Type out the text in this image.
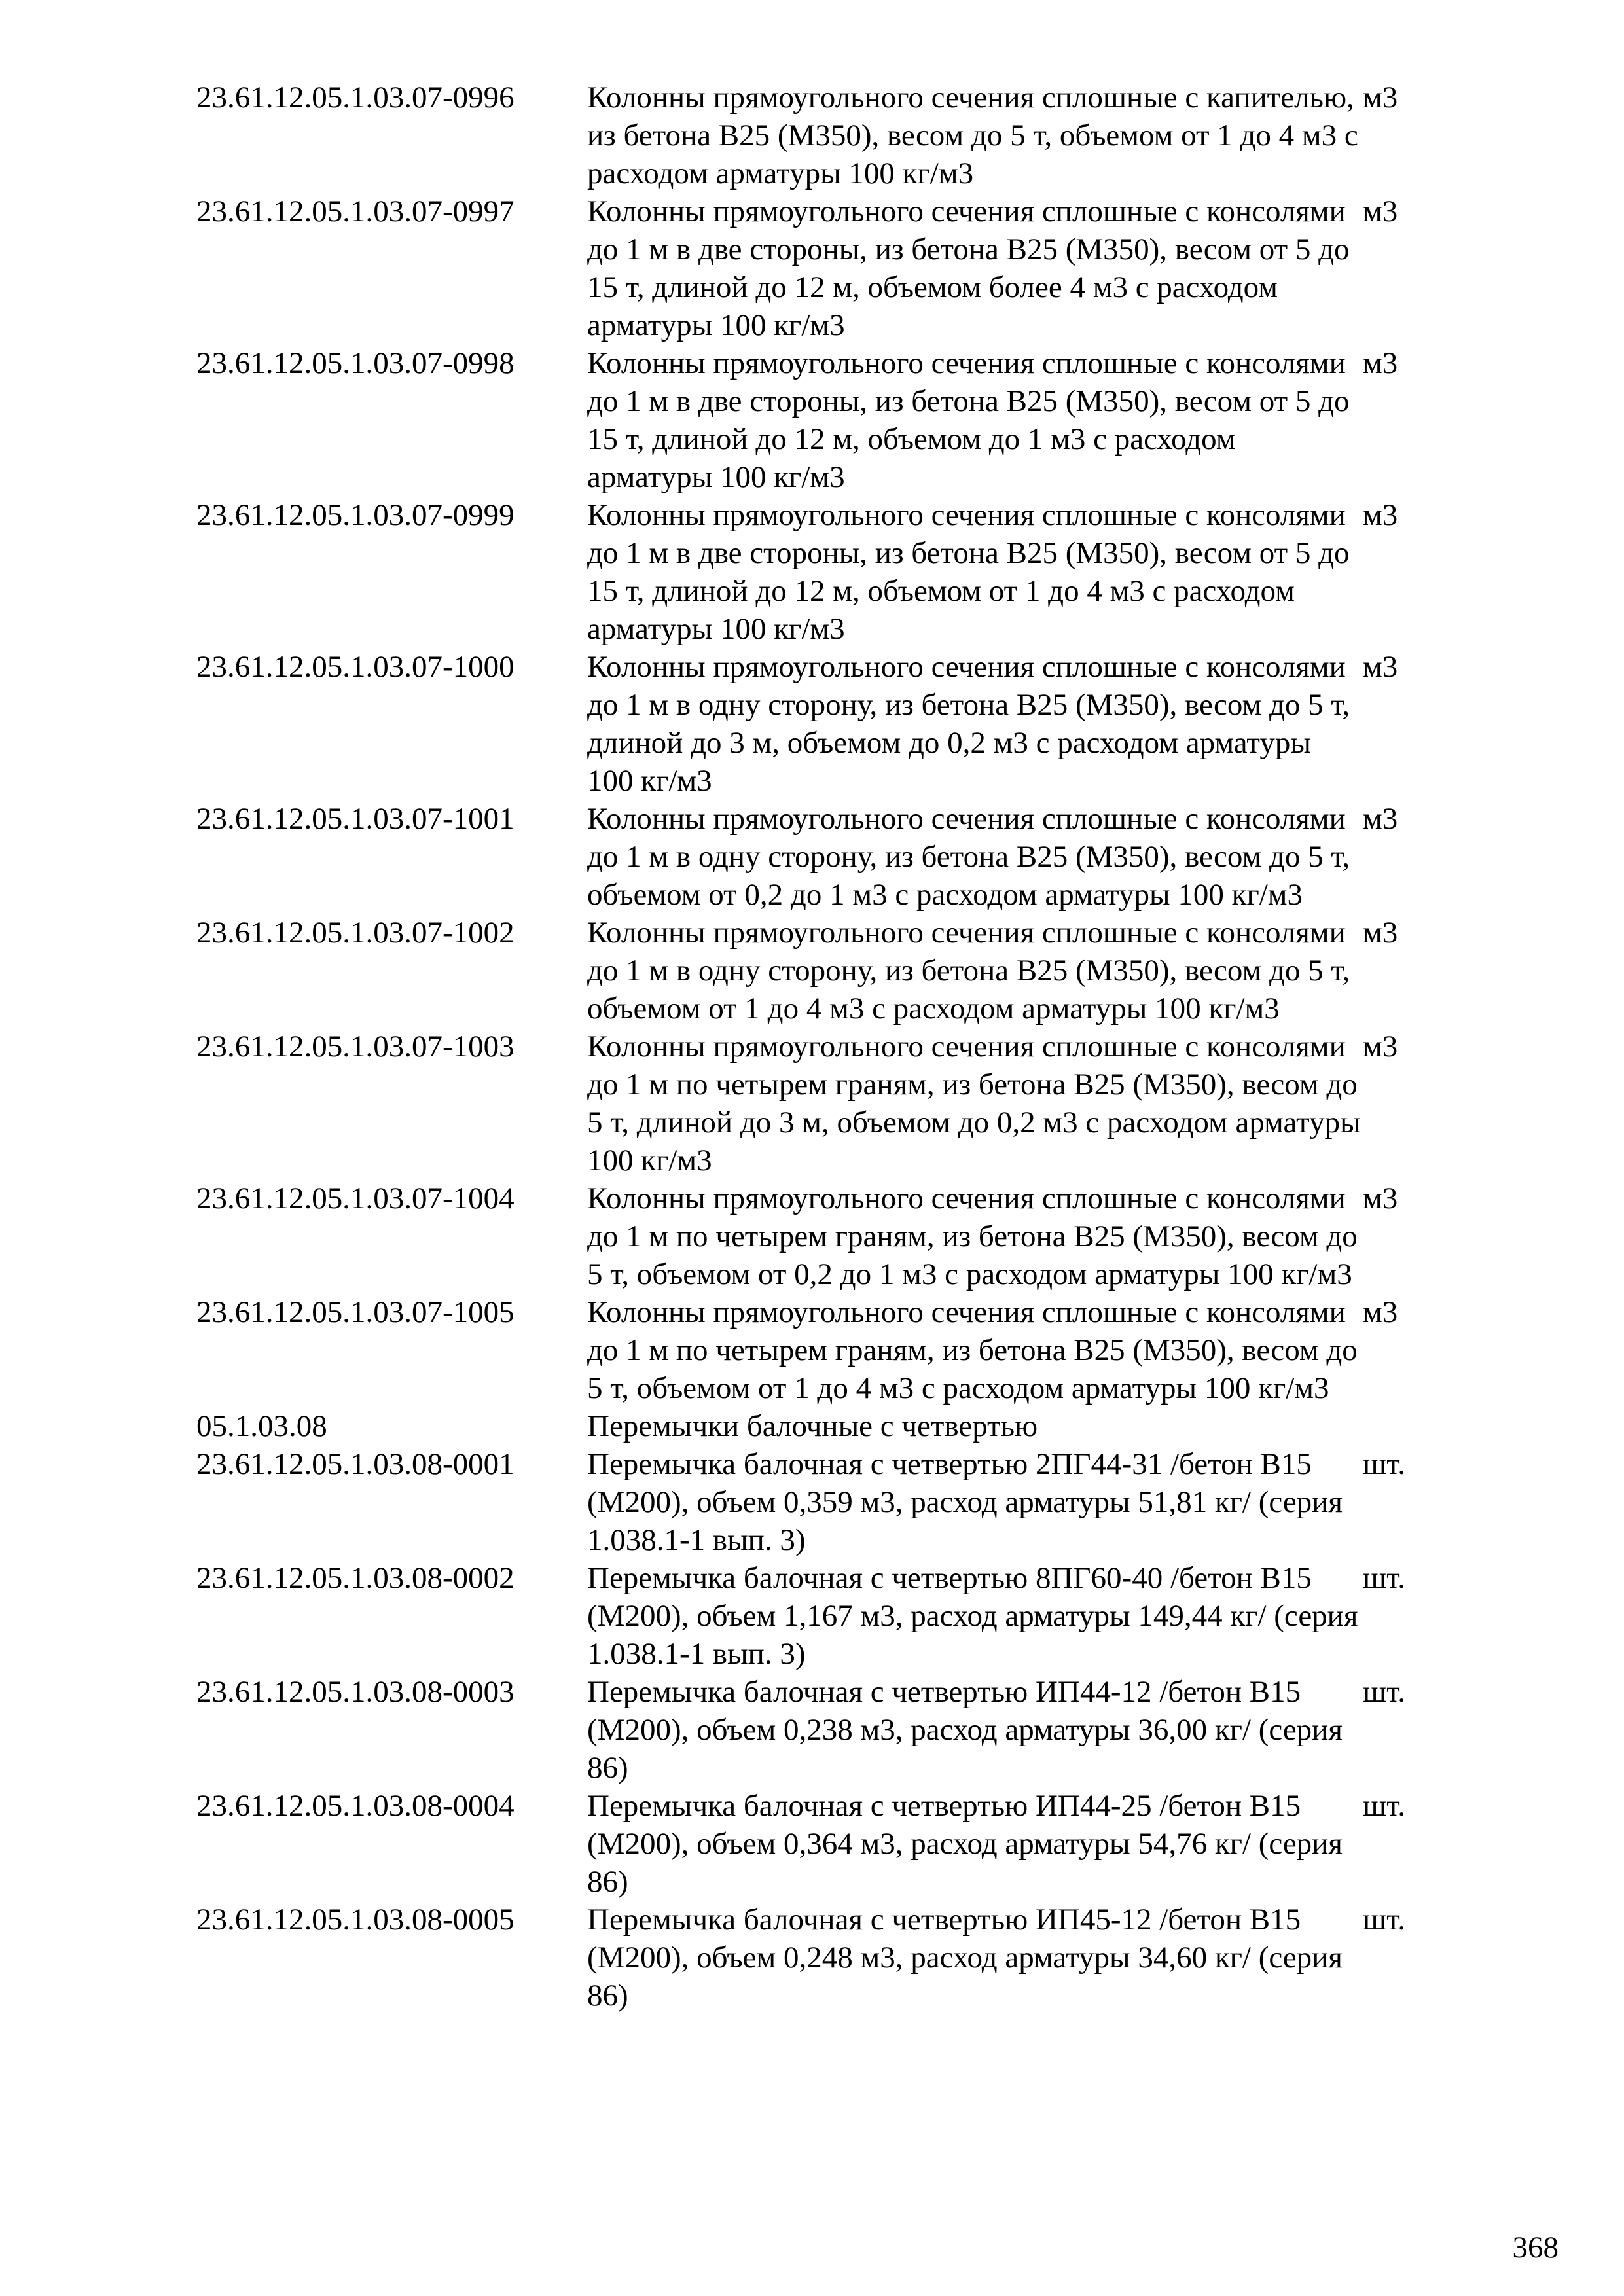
23.61.12.05.1.03.07-0996	Колонны прямоугольного сечения сплошные с капителью, из бетона В25 (М350), весом до 5 т, объемом от 1 до 4 м3 с расходом арматуры 100 кг/м3	м3
23.61.12.05.1.03.07-0997	Колонны прямоугольного сечения сплошные с консолями до 1 м в две стороны, из бетона В25 (М350), весом от 5 до 15 т, длиной до 12 м, объемом более 4 м3 с расходом арматуры 100 кг/м3	м3
23.61.12.05.1.03.07-0998	Колонны прямоугольного сечения сплошные с консолями до 1 м в две стороны, из бетона В25 (М350), весом от 5 до 15 т, длиной до 12 м, объемом до 1 м3 с расходом арматуры 100 кг/м3	м3
23.61.12.05.1.03.07-0999	Колонны прямоугольного сечения сплошные с консолями до 1 м в две стороны, из бетона В25 (М350), весом от 5 до 15 т, длиной до 12 м, объемом от 1 до 4 м3 с расходом арматуры 100 кг/м3	м3
23.61.12.05.1.03.07-1000	Колонны прямоугольного сечения сплошные с консолями до 1 м в одну сторону, из бетона В25 (М350), весом до 5 т, длиной до 3 м, объемом до 0,2 м3 с расходом арматуры 100 кг/м3	м3
23.61.12.05.1.03.07-1001	Колонны прямоугольного сечения сплошные с консолями до 1 м в одну сторону, из бетона В25 (М350), весом до 5 т, объемом от 0,2 до 1 м3 с расходом арматуры 100 кг/м3	м3
23.61.12.05.1.03.07-1002	Колонны прямоугольного сечения сплошные с консолями до 1 м в одну сторону, из бетона В25 (М350), весом до 5 т, объемом от 1 до 4 м3 с расходом арматуры 100 кг/м3	м3
23.61.12.05.1.03.07-1003	Колонны прямоугольного сечения сплошные с консолями до 1 м по четырем граням, из бетона В25 (М350), весом до 5 т, длиной до 3 м, объемом до 0,2 м3 с расходом арматуры 100 кг/м3	м3
23.61.12.05.1.03.07-1004	Колонны прямоугольного сечения сплошные с консолями до 1 м по четырем граням, из бетона В25 (М350), весом до 5 т, объемом от 0,2 до 1 м3 с расходом арматуры 100 кг/м3	м3
23.61.12.05.1.03.07-1005	Колонны прямоугольного сечения сплошные с консолями до 1 м по четырем граням, из бетона В25 (М350), весом до 5 т, объемом от 1 до 4 м3 с расходом арматуры 100 кг/м3	м3
05.1.03.08	Перемычки балочные с четвертью	
23.61.12.05.1.03.08-0001	Перемычка балочная с четвертью 2ПГ44-31 /бетон В15 (М200), объем 0,359 м3, расход арматуры 51,81 кг/ (серия 1.038.1-1 вып. 3)	шт.
23.61.12.05.1.03.08-0002	Перемычка балочная с четвертью 8ПГ60-40 /бетон В15 (М200), объем 1,167 м3, расход арматуры 149,44 кг/ (серия 1.038.1-1 вып. 3)	шт.
23.61.12.05.1.03.08-0003	Перемычка балочная с четвертью ИП44-12 /бетон В15 (М200), объем 0,238 м3, расход арматуры 36,00 кг/ (серия 86)	шт.
23.61.12.05.1.03.08-0004	Перемычка балочная с четвертью ИП44-25 /бетон В15 (М200), объем 0,364 м3, расход арматуры 54,76 кг/ (серия 86)	шт.
23.61.12.05.1.03.08-0005	Перемычка балочная с четвертью ИП45-12 /бетон В15 (М200), объем 0,248 м3, расход арматуры 34,60 кг/ (серия 86)	шт.
368
